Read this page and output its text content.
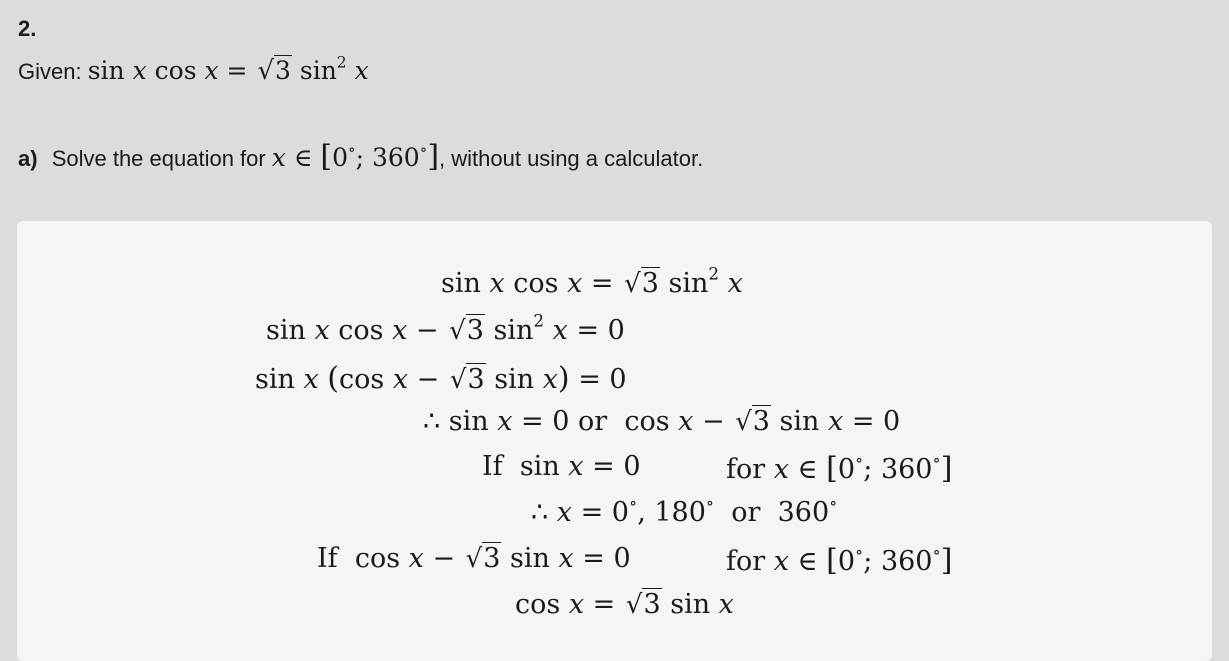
2.
Given: sin x cos x = √3 $\sin^2 x$
a) Solve the equation for x ∈ [0∘; 360∘], without using a calculator.
sin x cos x = √3 $\sin^2 x$
sin x cos x − √3 $\sin^2 x = 0$
sin x (cos x − √3 sin x) = 0
∴ sin x = 0 or  cos x − √3 sin x = 0
If  sin x = 0	for x ∈ [0∘; 360∘]
∴ x = 0∘, 180∘  or  360∘
If  cos x − √3 sin x = 0	for x ∈ [0∘; 360∘]
cos x = √3 sin x
